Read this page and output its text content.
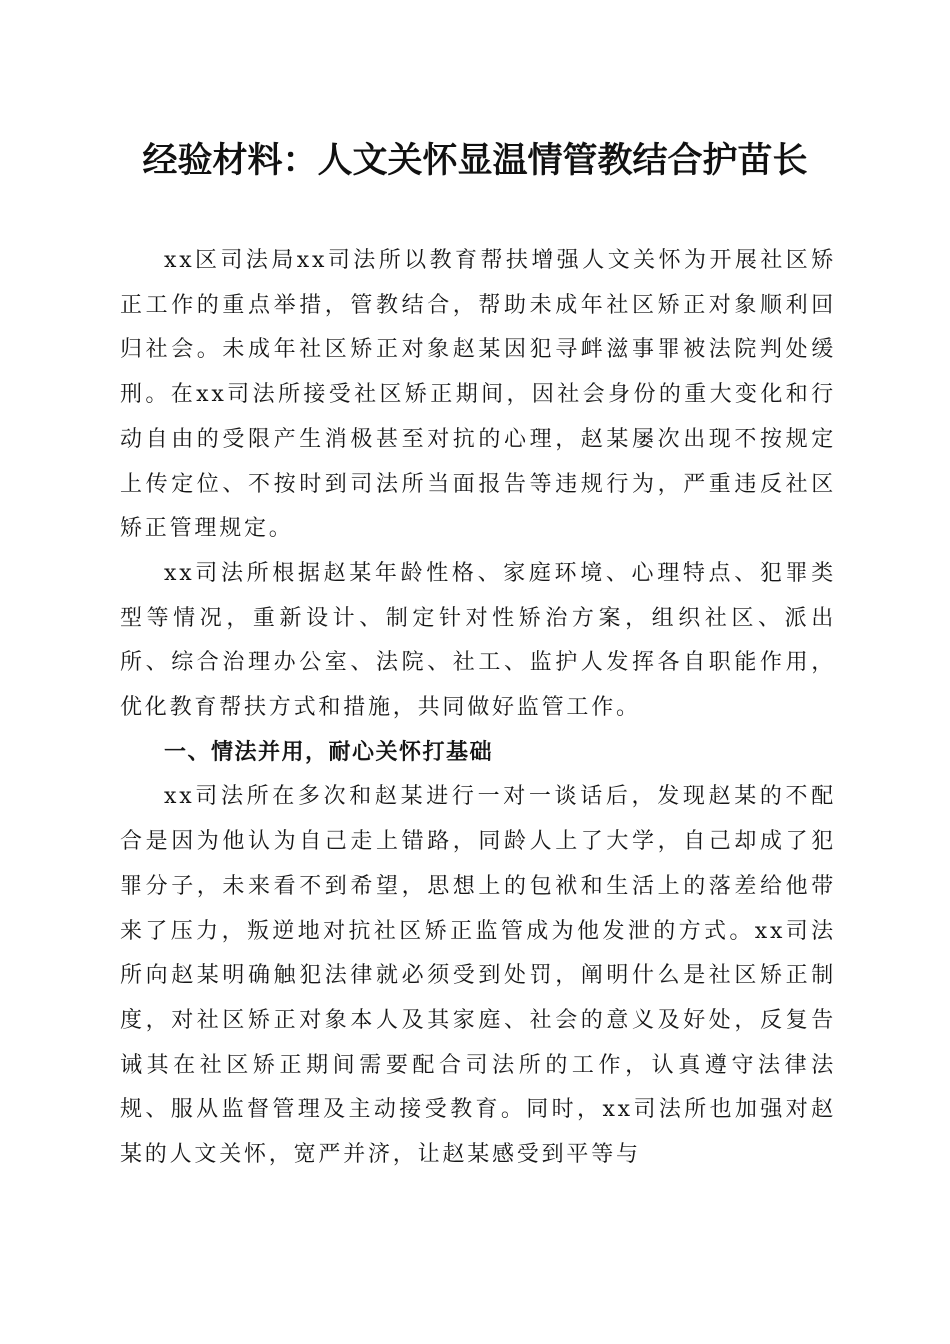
经验材料：人文关怀显温情管教结合护苗长

xx区司法局xx司法所以教育帮扶增强人文关怀为开展社区矫正工作的重点举措，管教结合，帮助未成年社区矫正对象顺利回归社会。未成年社区矫正对象赵某因犯寻衅滋事罪被法院判处缓刑。在xx司法所接受社区矫正期间，因社会身份的重大变化和行动自由的受限产生消极甚至对抗的心理，赵某屡次出现不按规定上传定位、不按时到司法所当面报告等违规行为，严重违反社区矫正管理规定。

xx司法所根据赵某年龄性格、家庭环境、心理特点、犯罪类型等情况，重新设计、制定针对性矫治方案，组织社区、派出所、综合治理办公室、法院、社工、监护人发挥各自职能作用，优化教育帮扶方式和措施，共同做好监管工作。

一、情法并用，耐心关怀打基础

xx司法所在多次和赵某进行一对一谈话后，发现赵某的不配合是因为他认为自己走上错路，同龄人上了大学，自己却成了犯罪分子，未来看不到希望，思想上的包袱和生活上的落差给他带来了压力，叛逆地对抗社区矫正监管成为他发泄的方式。xx司法所向赵某明确触犯法律就必须受到处罚，阐明什么是社区矫正制度，对社区矫正对象本人及其家庭、社会的意义及好处，反复告诫其在社区矫正期间需要配合司法所的工作，认真遵守法律法规、服从监督管理及主动接受教育。同时，xx司法所也加强对赵某的人文关怀，宽严并济，让赵某感受到平等与
